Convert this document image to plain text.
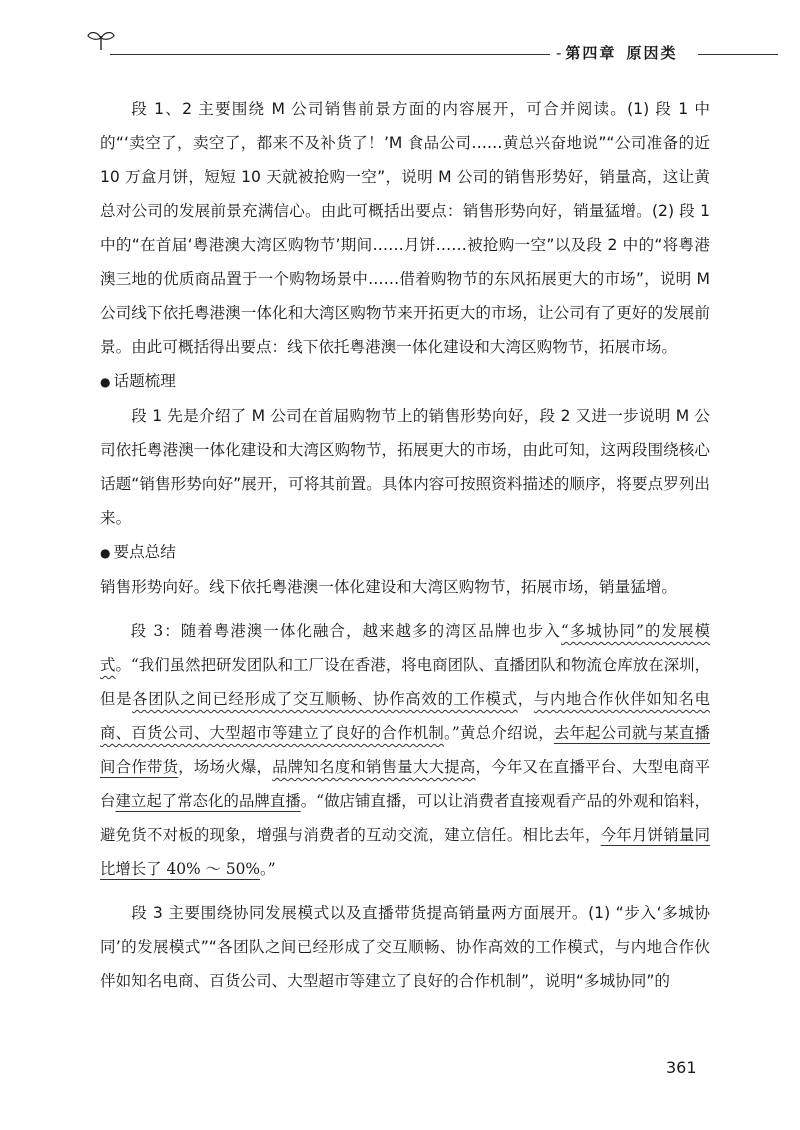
- 第四章 原因类

段 1、2 主要围绕 M 公司销售前景方面的内容展开，可合并阅读。(1) 段 1 中的“‘卖空了，卖空了，都来不及补货了！’M 食品公司……黄总兴奋地说”“公司准备的近 10 万盒月饼，短短 10 天就被抢购一空”，说明 M 公司的销售形势好，销量高，这让黄总对公司的发展前景充满信心。由此可概括出要点：销售形势向好，销量猛增。(2) 段 1 中的“在首届‘粤港澳大湾区购物节’期间……月饼……被抢购一空”以及段 2 中的“将粤港澳三地的优质商品置于一个购物场景中……借着购物节的东风拓展更大的市场”，说明 M 公司线下依托粤港澳一体化和大湾区购物节来开拓更大的市场，让公司有了更好的发展前景。由此可概括得出要点：线下依托粤港澳一体化建设和大湾区购物节，拓展市场。

● 话题梳理

段 1 先是介绍了 M 公司在首届购物节上的销售形势向好，段 2 又进一步说明 M 公司依托粤港澳一体化建设和大湾区购物节，拓展更大的市场，由此可知，这两段围绕核心话题“销售形势向好”展开，可将其前置。具体内容可按照资料描述的顺序，将要点罗列出来。

● 要点总结

销售形势向好。线下依托粤港澳一体化建设和大湾区购物节，拓展市场，销量猛增。

段 3：随着粤港澳一体化融合，越来越多的湾区品牌也步入“多城协同”的发展模式。“我们虽然把研发团队和工厂设在香港，将电商团队、直播团队和物流仓库放在深圳，但是各团队之间已经形成了交互顺畅、协作高效的工作模式，与内地合作伙伴如知名电商、百货公司、大型超市等建立了良好的合作机制。”黄总介绍说，去年起公司就与某直播间合作带货，场场火爆，品牌知名度和销售量大大提高，今年又在直播平台、大型电商平台建立起了常态化的品牌直播。“做店铺直播，可以让消费者直接观看产品的外观和馅料，避免货不对板的现象，增强与消费者的互动交流，建立信任。相比去年，今年月饼销量同比增长了 40% ～ 50%。”

段 3 主要围绕协同发展模式以及直播带货提高销量两方面展开。(1) “步入‘多城协同’的发展模式”“各团队之间已经形成了交互顺畅、协作高效的工作模式，与内地合作伙伴如知名电商、百货公司、大型超市等建立了良好的合作机制”，说明“多城协同”的

361
